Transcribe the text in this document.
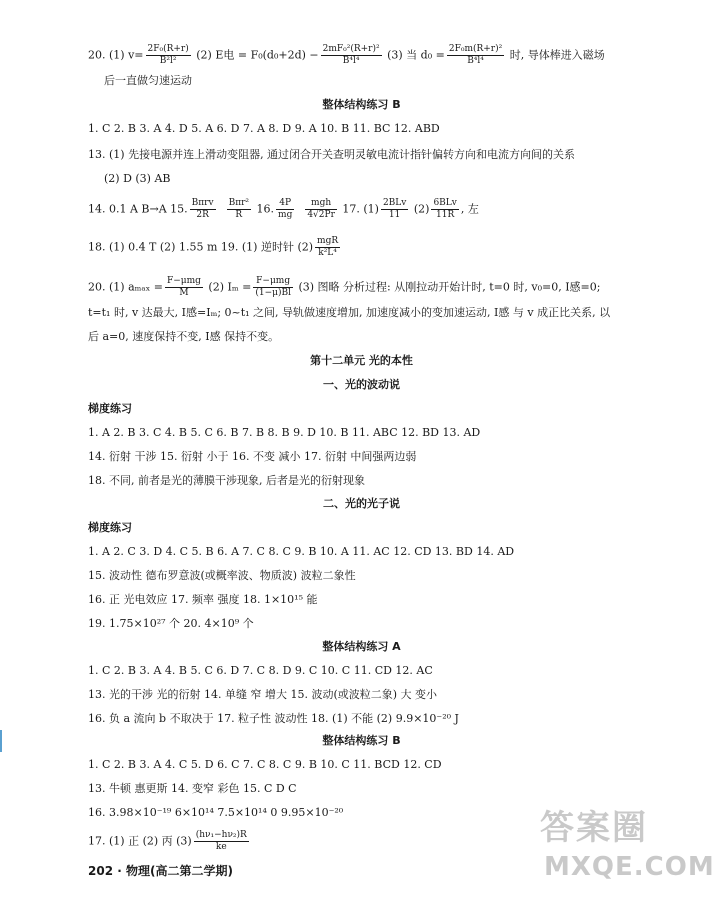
20. (1) $v= \frac{\text{2F₀(R+r)}}{\text{B²l²}} (2)$ E电 = $F_0(d_0+2d) - \frac{\text{2mF₀²(R+r)²}}{\text{B⁴l⁴}} (3)$ 当 $d_0 = \frac{\text{2F₀m(R+r)²}}{\text{B⁴l⁴}}$ 时, 导体棒进入磁场
后一直做匀速运动
整体结构练习 B
1. C 2. B 3. A 4. D 5. A 6. D 7. A 8. D 9. A 10. B 11. BC 12. ABD
13. (1) 先接电源并连上滑动变阻器, 通过闭合开关查明灵敏电流计指针偏转方向和电流方向间的关系
(2) D (3) AB
14. 0.1 A B→A 15. $\frac{\text{Bπrv}}{2R}$
$\frac{\text{Bπr²}}{R} 16$. $\frac{4P}{mg}$
$\frac{\text{mgh}}{4√2Pr} 17$. $(1) \frac{\text{2BLv}}{11} (2) \frac{\text{6BLv}}{11R}$ , 左
18. (1) 0.4 T (2) 1.55 m 19. (1) 逆时针 $(2) \frac{\text{mgR}}{\text{k²L⁴}}$
20. (1) $a_{max} = \frac{\text{F−μmg}}{M} (2) I_m = \frac{\text{F−μmg}}{(1-\mu)Bl} (3)$ 图略 分析过程: 从刚拉动开始计时, t=0 时, v₀=0, I感=0;
t=t₁ 时, v 达最大, I感=Iₘ; 0~t₁ 之间, 导轨做速度增加, 加速度减小的变加速运动, I感 与 v 成正比关系, 以
后 a=0, 速度保持不变, I感 保持不变。
第十二单元 光的本性
一、光的波动说
梯度练习
1. A 2. B 3. C 4. B 5. C 6. B 7. B 8. B 9. D 10. B 11. ABC 12. BD 13. AD
14. 衍射 干涉 15. 衍射 小于 16. 不变 减小 17. 衍射 中间强两边弱
18. 不同, 前者是光的薄膜干涉现象, 后者是光的衍射现象
二、光的光子说
梯度练习
1. A 2. C 3. D 4. C 5. B 6. A 7. C 8. C 9. B 10. A 11. AC 12. CD 13. BD 14. AD
15. 波动性 德布罗意波(或概率波、物质波) 波粒二象性
16. 正 光电效应 17. 频率 强度 18. 1×10¹⁵ 能
19. 1.75×10²⁷ 个 20. 4×10⁹ 个
整体结构练习 A
1. C 2. B 3. A 4. B 5. C 6. D 7. C 8. D 9. C 10. C 11. CD 12. AC
13. 光的干涉 光的衍射 14. 单缝 窄 增大 15. 波动(或波粒二象) 大 变小
16. 负 a 流向 b 不取决于 17. 粒子性 波动性 18. (1) 不能 (2) 9.9×10⁻²⁰ J
整体结构练习 B
1. C 2. B 3. A 4. C 5. D 6. C 7. C 8. C 9. B 10. C 11. BCD 12. CD
13. 牛顿 惠更斯 14. 变窄 彩色 15. C D C
16. 3.98×10⁻¹⁹ 6×10¹⁴ 7.5×10¹⁴ 0 9.95×10⁻²⁰
17. (1) 正 (2) 丙 $(3) \frac{\text{(hν₁−hν₂)R}}{ke}$
202 · 物理(高二第二学期)
答案圈
MXQE.COM
